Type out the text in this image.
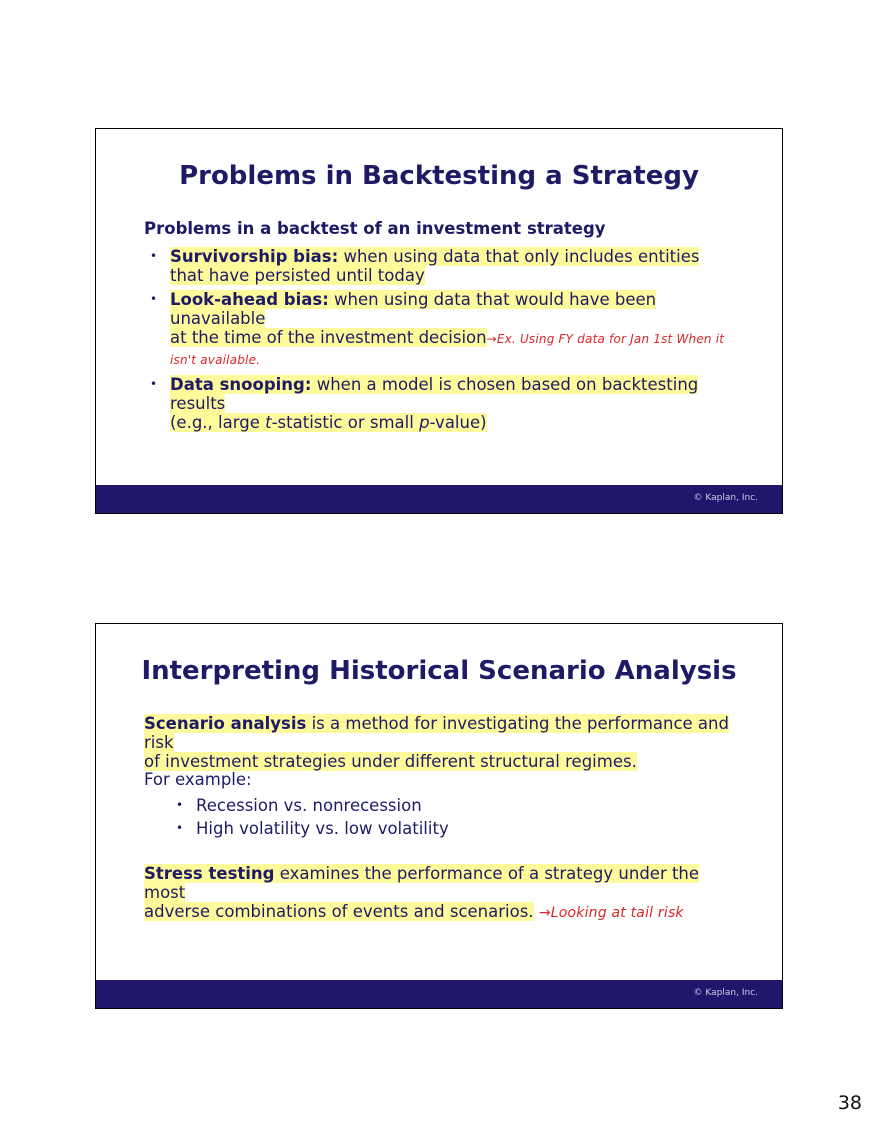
Problems in Backtesting a Strategy
Problems in a backtest of an investment strategy
• Survivorship bias: when using data that only includes entities
that have persisted until today
• Look-ahead bias: when using data that would have been unavailable
at the time of the investment decision→Ex. Using FY data for Jan 1st When it isn't available.
• Data snooping: when a model is chosen based on backtesting results
(e.g., large t-statistic or small p-value)
© Kaplan, Inc.
Interpreting Historical Scenario Analysis
Scenario analysis is a method for investigating the performance and risk
of investment strategies under different structural regimes.
For example:
• Recession vs. nonrecession
• High volatility vs. low volatility
Stress testing examines the performance of a strategy under the most
adverse combinations of events and scenarios. →Looking at tail risk
© Kaplan, Inc.
38
